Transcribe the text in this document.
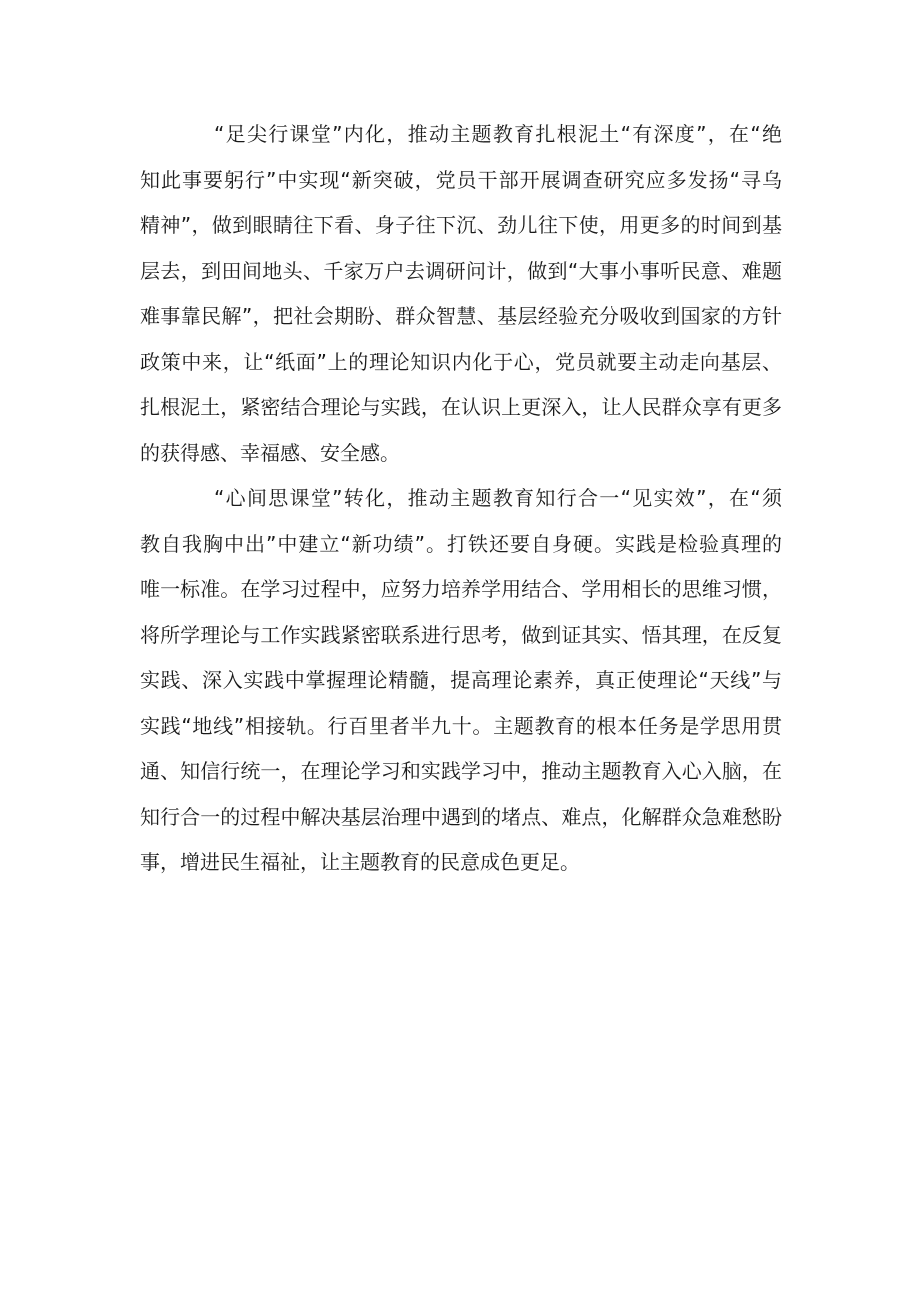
“足尖行课堂”内化，推动主题教育扎根泥土“有深度”，在“绝
知此事要躬行”中实现“新突破，党员干部开展调查研究应多发扬“寻乌
精神”，做到眼睛往下看、身子往下沉、劲儿往下使，用更多的时间到基
层去，到田间地头、千家万户去调研问计，做到“大事小事听民意、难题
难事靠民解”，把社会期盼、群众智慧、基层经验充分吸收到国家的方针
政策中来，让“纸面”上的理论知识内化于心，党员就要主动走向基层、
扎根泥土，紧密结合理论与实践，在认识上更深入，让人民群众享有更多
的获得感、幸福感、安全感。
“心间思课堂”转化，推动主题教育知行合一“见实效”，在“须
教自我胸中出”中建立“新功绩”。打铁还要自身硬。实践是检验真理的
唯一标准。在学习过程中，应努力培养学用结合、学用相长的思维习惯，
将所学理论与工作实践紧密联系进行思考，做到证其实、悟其理，在反复
实践、深入实践中掌握理论精髓，提高理论素养，真正使理论“天线”与
实践“地线”相接轨。行百里者半九十。主题教育的根本任务是学思用贯
通、知信行统一，在理论学习和实践学习中，推动主题教育入心入脑，在
知行合一的过程中解决基层治理中遇到的堵点、难点，化解群众急难愁盼
事，增进民生福祉，让主题教育的民意成色更足。
